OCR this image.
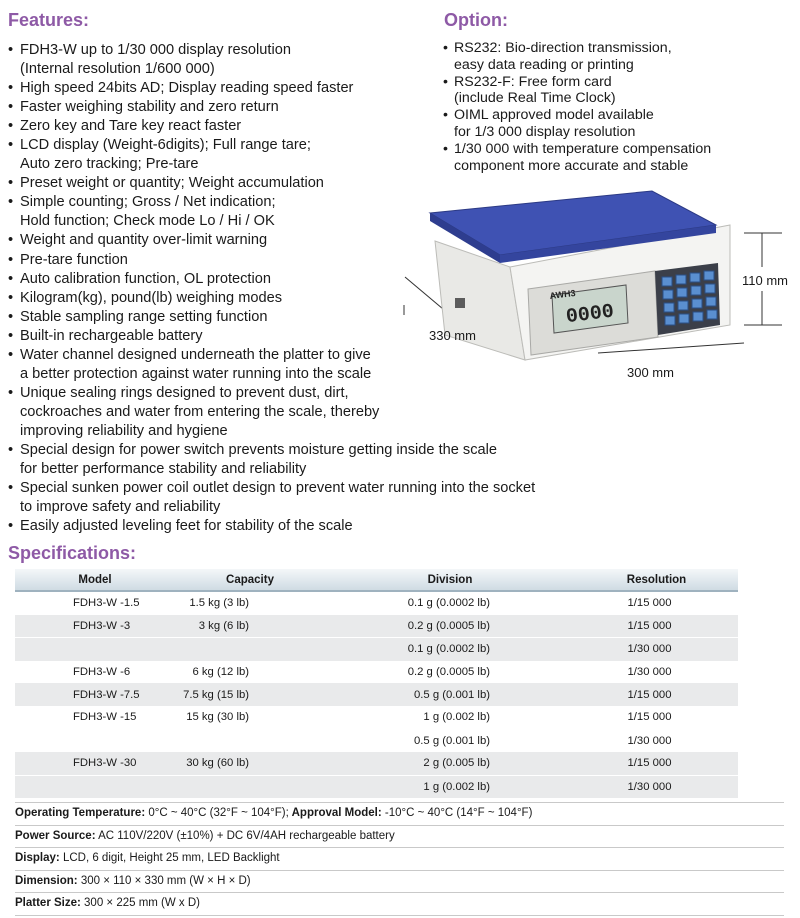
Features:
• FDH3-W up to 1/30 000 display resolution
(Internal resolution 1/600 000)
• High speed 24bits AD; Display reading speed faster
• Faster weighing stability and zero return
• Zero key and Tare key react faster
• LCD display (Weight-6digits); Full range tare;
Auto zero tracking; Pre-tare
• Preset weight or quantity; Weight accumulation
• Simple counting; Gross / Net indication;
Hold function; Check mode Lo / Hi / OK
• Weight and quantity over-limit warning
• Pre-tare function
• Auto calibration function, OL protection
• Kilogram(kg), pound(lb) weighing modes
• Stable sampling range setting function
• Built-in rechargeable battery
• Water channel designed underneath the platter to give
a better protection against water running into the scale
• Unique sealing rings designed to prevent dust, dirt,
cockroaches and water from entering the scale, thereby
improving reliability and hygiene
• Special design for power switch prevents moisture getting inside the scale
for better performance stability and reliability
• Special sunken power coil outlet design to prevent water running into the socket
to improve safety and reliability
• Easily adjusted leveling feet for stability of the scale
Option:
• RS232: Bio-direction transmission,
easy data reading or printing
• RS232-F: Free form card
(include Real Time Clock)
• OIML approved model available
for 1/3 000 display resolution
• 1/30 000 with temperature compensation
component more accurate and stable
0000
AWH3
110 mm
300 mm
330 mm
Specifications:
Model	Capacity	Division	Resolution
FDH3-W -1.5	1.5 kg (3 lb)	0.1 g (0.0002 lb)	1/15 000
FDH3-W -3	3 kg (6 lb)	0.2 g (0.0005 lb)	1/15 000
		0.1 g (0.0002 lb)	1/30 000
FDH3-W -6	6 kg (12 lb)	0.2 g (0.0005 lb)	1/30 000
FDH3-W -7.5	7.5 kg (15 lb)	0.5 g (0.001 lb)	1/15 000
FDH3-W -15	15 kg (30 lb)	1 g (0.002 lb)	1/15 000
		0.5 g (0.001 lb)	1/30 000
FDH3-W -30	30 kg (60 lb)	2 g (0.005 lb)	1/15 000
		1 g (0.002 lb)	1/30 000
Operating Temperature: 0°C ~ 40°C (32°F ~ 104°F); Approval Model: -10°C ~ 40°C (14°F ~ 104°F)
Power Source: AC 110V/220V (±10%) + DC 6V/4AH rechargeable battery
Display: LCD, 6 digit, Height 25 mm, LED Backlight
Dimension: 300 × 110 × 330 mm (W × H × D)
Platter Size: 300 × 225 mm (W x D)
